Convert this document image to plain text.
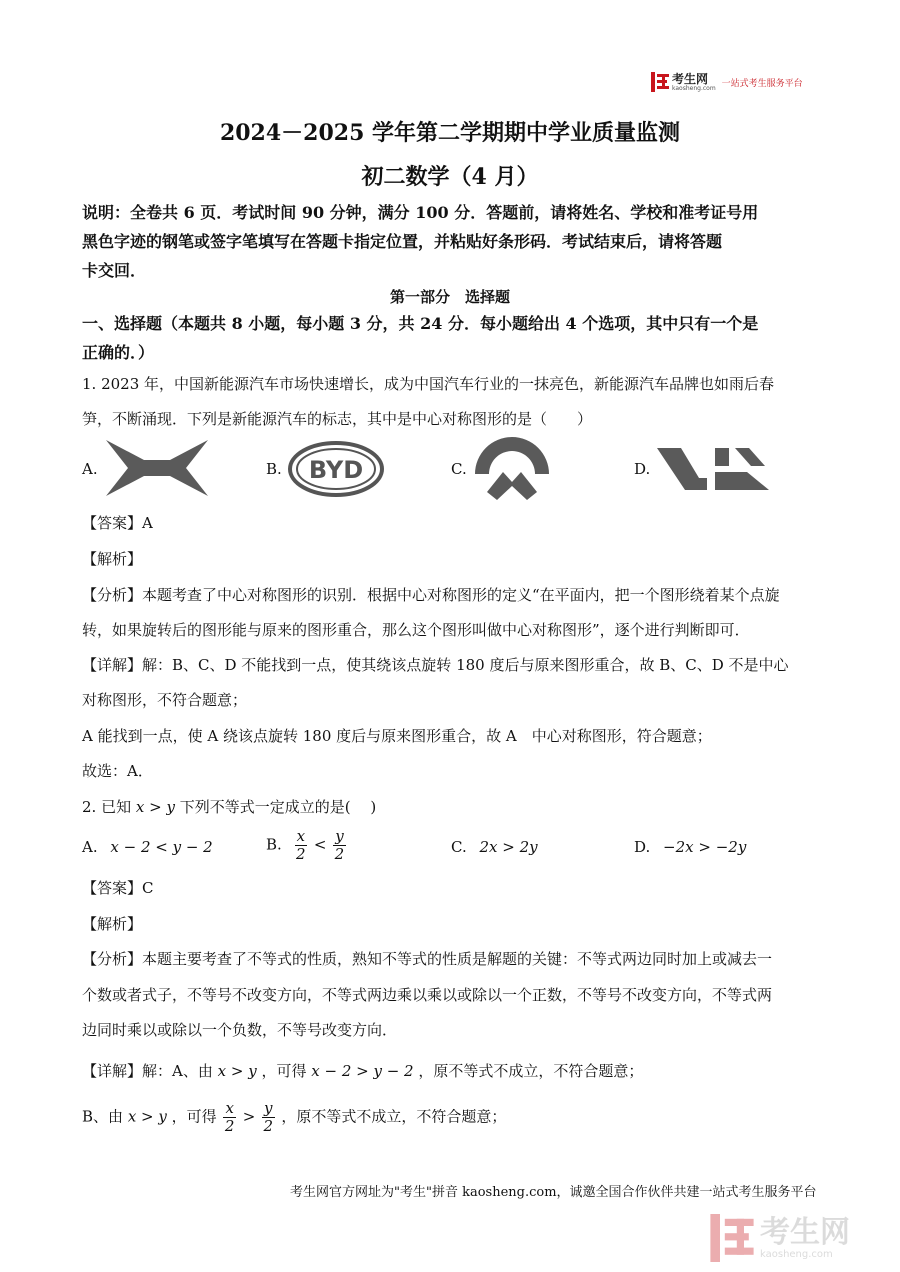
考生网
kaosheng.com 一站式考生服务平台
2024－2025 学年第二学期期中学业质量监测
初二数学（4 月）
说明：全卷共 6 页．考试时间 90 分钟，满分 100 分．答题前，请将姓名、学校和准考证号用
黑色字迹的钢笔或签字笔填写在答题卡指定位置，并粘贴好条形码．考试结束后，请将答题
卡交回．
第一部分　选择题
一、选择题（本题共 8 小题，每小题 3 分，共 24 分．每小题给出 4 个选项，其中只有一个是
正确的．）
1. 2023 年，中国新能源汽车市场快速增长，成为中国汽车行业的一抹亮色，新能源汽车品牌也如雨后春
笋，不断涌现．下列是新能源汽车的标志，其中是中心对称图形的是（　　）
A.	B. BYD	C.	D.
【答案】A
【解析】
【分析】本题考查了中心对称图形的识别．根据中心对称图形的定义“在平面内，把一个图形绕着某个点旋
转，如果旋转后的图形能与原来的图形重合，那么这个图形叫做中心对称图形”，逐个进行判断即可．
【详解】解：B、C、D 不能找到一点，使其绕该点旋转 180 度后与原来图形重合，故 B、C、D 不是中心
对称图形，不符合题意；
A 能找到一点，使 A 绕该点旋转 180 度后与原来图形重合，故 A　中心对称图形，符合题意；
故选：A．
2. 已知 x > y 下列不等式一定成立的是(　 )
A. x − 2 < y − 2	B. $\frac{x}{2} < \frac{y}{2}$	C. 2x > 2y	D. −2x > −2y
【答案】C
【解析】
【分析】本题主要考查了不等式的性质，熟知不等式的性质是解题的关键：不等式两边同时加上或减去一
个数或者式子，不等号不改变方向，不等式两边乘以乘以或除以一个正数，不等号不改变方向，不等式两
边同时乘以或除以一个负数，不等号改变方向．
【详解】解：A、由 x > y ，可得 x − 2 > y − 2 ，原不等式不成立，不符合题意；
B、由 x > y ，可得 $\frac{x}{2} > \frac{y}{2}$ ，原不等式不成立，不符合题意；
考生网官方网址为"考生"拼音 kaosheng.com，诚邀全国合作伙伴共建一站式考生服务平台
考生网
kaosheng.com
